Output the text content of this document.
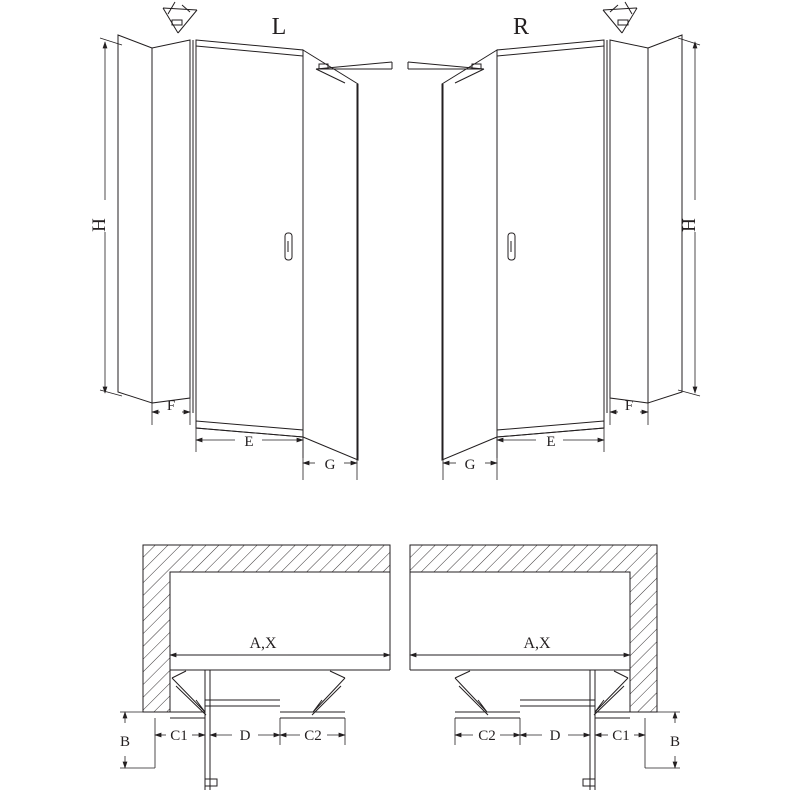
H
L
F
E
G
H
R
F
E
G
A,X
C1	D	C2
B
A,X
C1
D
C2	B
